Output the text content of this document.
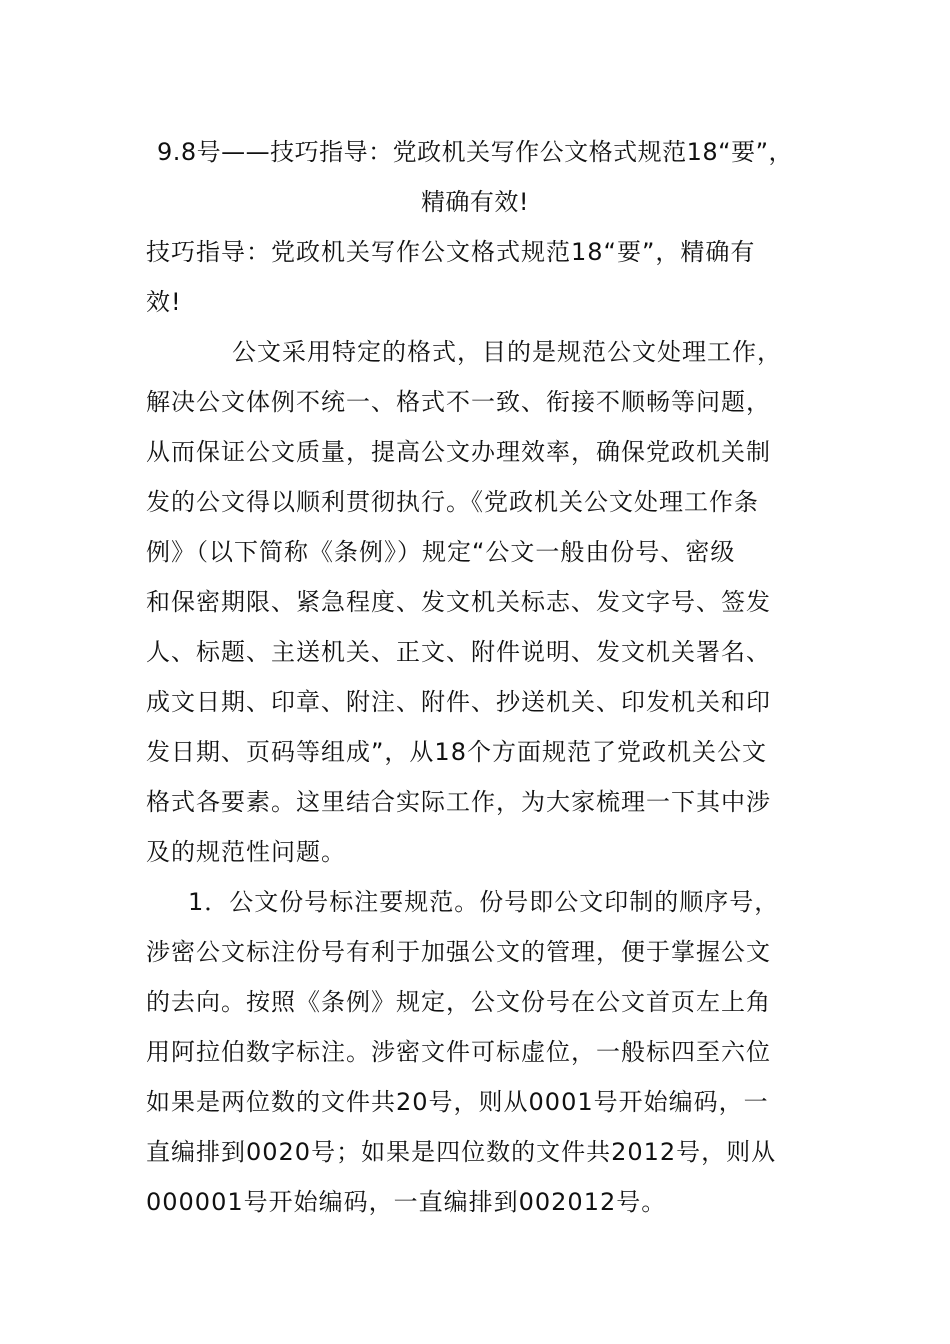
9.8号——技巧指导：党政机关写作公文格式规范18“要”，
精确有效!
技巧指导：党政机关写作公文格式规范18“要”，精确有
效!
公文采用特定的格式，目的是规范公文处理工作，
解决公文体例不统一、格式不一致、衔接不顺畅等问题，
从而保证公文质量，提高公文办理效率，确保党政机关制
发的公文得以顺利贯彻执行。《党政机关公文处理工作条
例》（以下简称《条例》）规定“公文一般由份号、密级
和保密期限、紧急程度、发文机关标志、发文字号、签发
人、标题、主送机关、正文、附件说明、发文机关署名、
成文日期、印章、附注、附件、抄送机关、印发机关和印
发日期、页码等组成”，从18个方面规范了党政机关公文
格式各要素。这里结合实际工作，为大家梳理一下其中涉
及的规范性问题。
1．公文份号标注要规范。份号即公文印制的顺序号，
涉密公文标注份号有利于加强公文的管理，便于掌握公文
的去向。按照《条例》规定，公文份号在公文首页左上角
用阿拉伯数字标注。涉密文件可标虚位，一般标四至六位
如果是两位数的文件共20号，则从0001号开始编码，一
直编排到0020号；如果是四位数的文件共2012号，则从
000001号开始编码，一直编排到002012号。
